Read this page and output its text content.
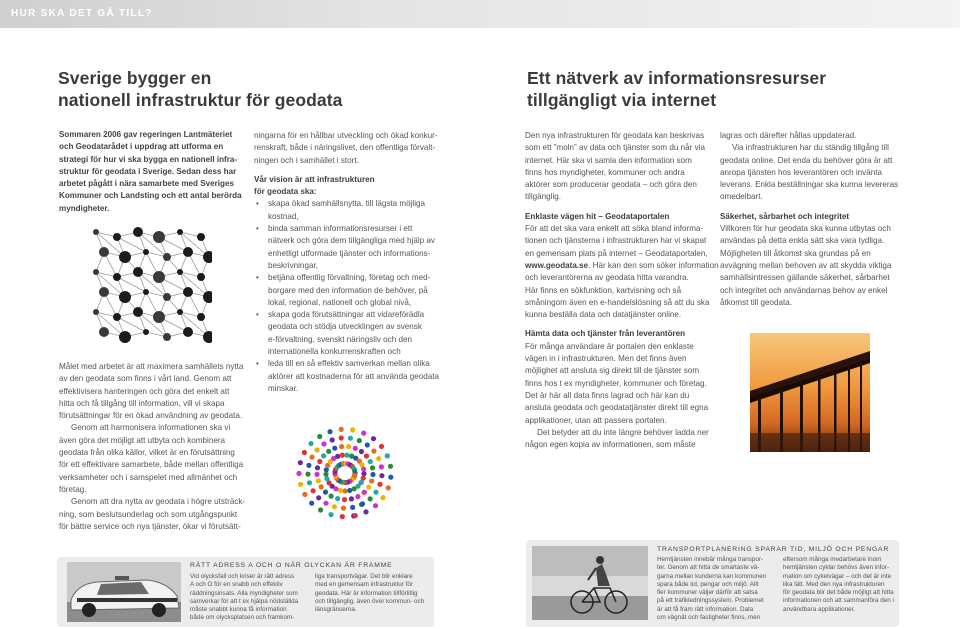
HUR SKA DET GÅ TILL?
Sverige bygger en
nationell infrastruktur för geodata

Sommaren 2006 gav regeringen Lantmäteriet

och Geodatarådet i uppdrag att utforma en

strategi för hur vi ska bygga en nationell infra-

struktur för geodata i Sverige. Sedan dess har

arbetet pågått i nära samarbete med Sveriges

Kommuner och Landsting och ett antal berörda

myndigheter.

Målet med arbetet är att maximera samhällets nytta

av den geodata som finns i vårt land. Genom att

effektivisera hanteringen och göra det enkelt att

hitta och få tillgång till information, vill vi skapa

förutsättningar för en ökad användning av geodata.

Genom att harmonisera informationen ska vi

även göra det möjligt att utbyta och kombinera

geodata från olika källor, vilket är en förutsättning

för ett effektivare samarbete, både mellan offentliga

verksamheter och i samspelet med allmänhet och

företag.

Genom att dra nytta av geodata i högre utsträck-

ning, som beslutsunderlag och som utgångspunkt

för bättre service och nya tjänster, ökar vi förutsätt-

ningarna för en hållbar utveckling och ökad konkur-

renskraft, både i näringslivet, den offentliga förvalt-

ningen och i samhället i stort.

Vår vision är att infrastrukturen

för geodata ska:

• skapa ökad samhällsnytta, till lägsta möjliga
kostnad,
• binda samman informationsresurser i ett
nätverk och göra dem tillgängliga med hjälp av
enhetligt utformade tjänster och informations-
beskrivningar,
• betjäna offentlig förvaltning, företag och med-
borgare med den information de behöver, på
lokal, regional, nationell och global nivå,
• skapa goda förutsättningar att vidareförädla
geodata och stödja utvecklingen av svensk
e-förvaltning, svenskt näringsliv och den
internationella konkurrenskraften och
• leda till en så effektiv samverkan mellan olika
aktörer att kostnaderna för att använda geodata
minskar.
Ett nätverk av informationsresurser
tillgängligt via internet

Den nya infrastrukturen för geodata kan beskrivas

som ett ”moln” av data och tjänster som du når via

internet. Här ska vi samla den information som

finns hos myndigheter, kommuner och andra

aktörer som producerar geodata – och göra den

tillgänglig.

Enklaste vägen hit – Geodataportalen

För att det ska vara enkelt att söka bland informa-

tionen och tjänsterna i infrastrukturen har vi skapat

en gemensam plats på internet – Geodataportalen,

www.geodata.se. Här kan den som söker information

och leverantörerna av geodata hitta varandra.

Här finns en sökfunktion, kartvisning och så

småningom även en e-handelslösning så att du ska

kunna beställa data och datatjänster online.

Hämta data och tjänster från leverantören

För många användare är portalen den enklaste

vägen in i infrastrukturen. Men det finns även

möjlighet att ansluta sig direkt till de tjänster som

finns hos t ex myndigheter, kommuner och företag.

Det är här all data finns lagrad och här kan du

ansluta geodata och geodatatjänster direkt till egna

applikationer, utan att passera portalen.

Det betyder att du inte längre behöver ladda ner

någon egen kopia av informationen, som måste

lagras och därefter hållas uppdaterad.

Via infrastrukturen har du ständig tillgång till

geodata online. Det enda du behöver göra är att

anropa tjänsten hos leverantören och invänta

leverans. Enkla beställningar ska kunna levereras

omedelbart.

Säkerhet, sårbarhet och integritet

Villkoren för hur geodata ska kunna utbytas och

användas på detta enkla sätt ska vara tydliga.

Möjligheten till åtkomst ska grundas på en

avvägning mellan behoven av att skydda viktiga

samhällsintressen gällande säkerhet, sårbarhet

och integritet och användarnas behov av enkel

åtkomst till geodata.

RÄTT ADRESS A OCH O NÄR OLYCKAN ÄR FRAMME

Vid olycksfall och kriser är rätt adress

A och O för en snabb och effektiv

räddningsinsats. Alla myndigheter som

samverkar för att t ex hjälpa nödställda

måste snabbt kunna få information

både om olycksplatsen och framkom-

liga transportvägar. Det blir enklare

med en gemensam infrastruktur för

geodata. Här är information tillförlitlig

och tillgänglig, även över kommun- och

länsgränserna.

TRANSPORTPLANERING SPARAR TID, MILJÖ OCH PENGAR

Hemtjänsten innebär många transpor-

ter. Genom att hitta de smartaste vä-

garna mellan kunderna kan kommunen

spara både tid, pengar och miljö. Allt

fler kommuner väljer därför att satsa

på ett trafikledningssystem. Problemet

är att få fram rätt information. Data

om vägnät och fastigheter finns, men

eftersom många medarbetare inom

hemtjänsten cyklar behövs även infor-

mation om cykelvägar – och det är inte

lika lätt. Med den nya infrastrukturen

för geodata blir det både möjligt att hitta

informationen och att sammanföra den i

användbara applikationer.
